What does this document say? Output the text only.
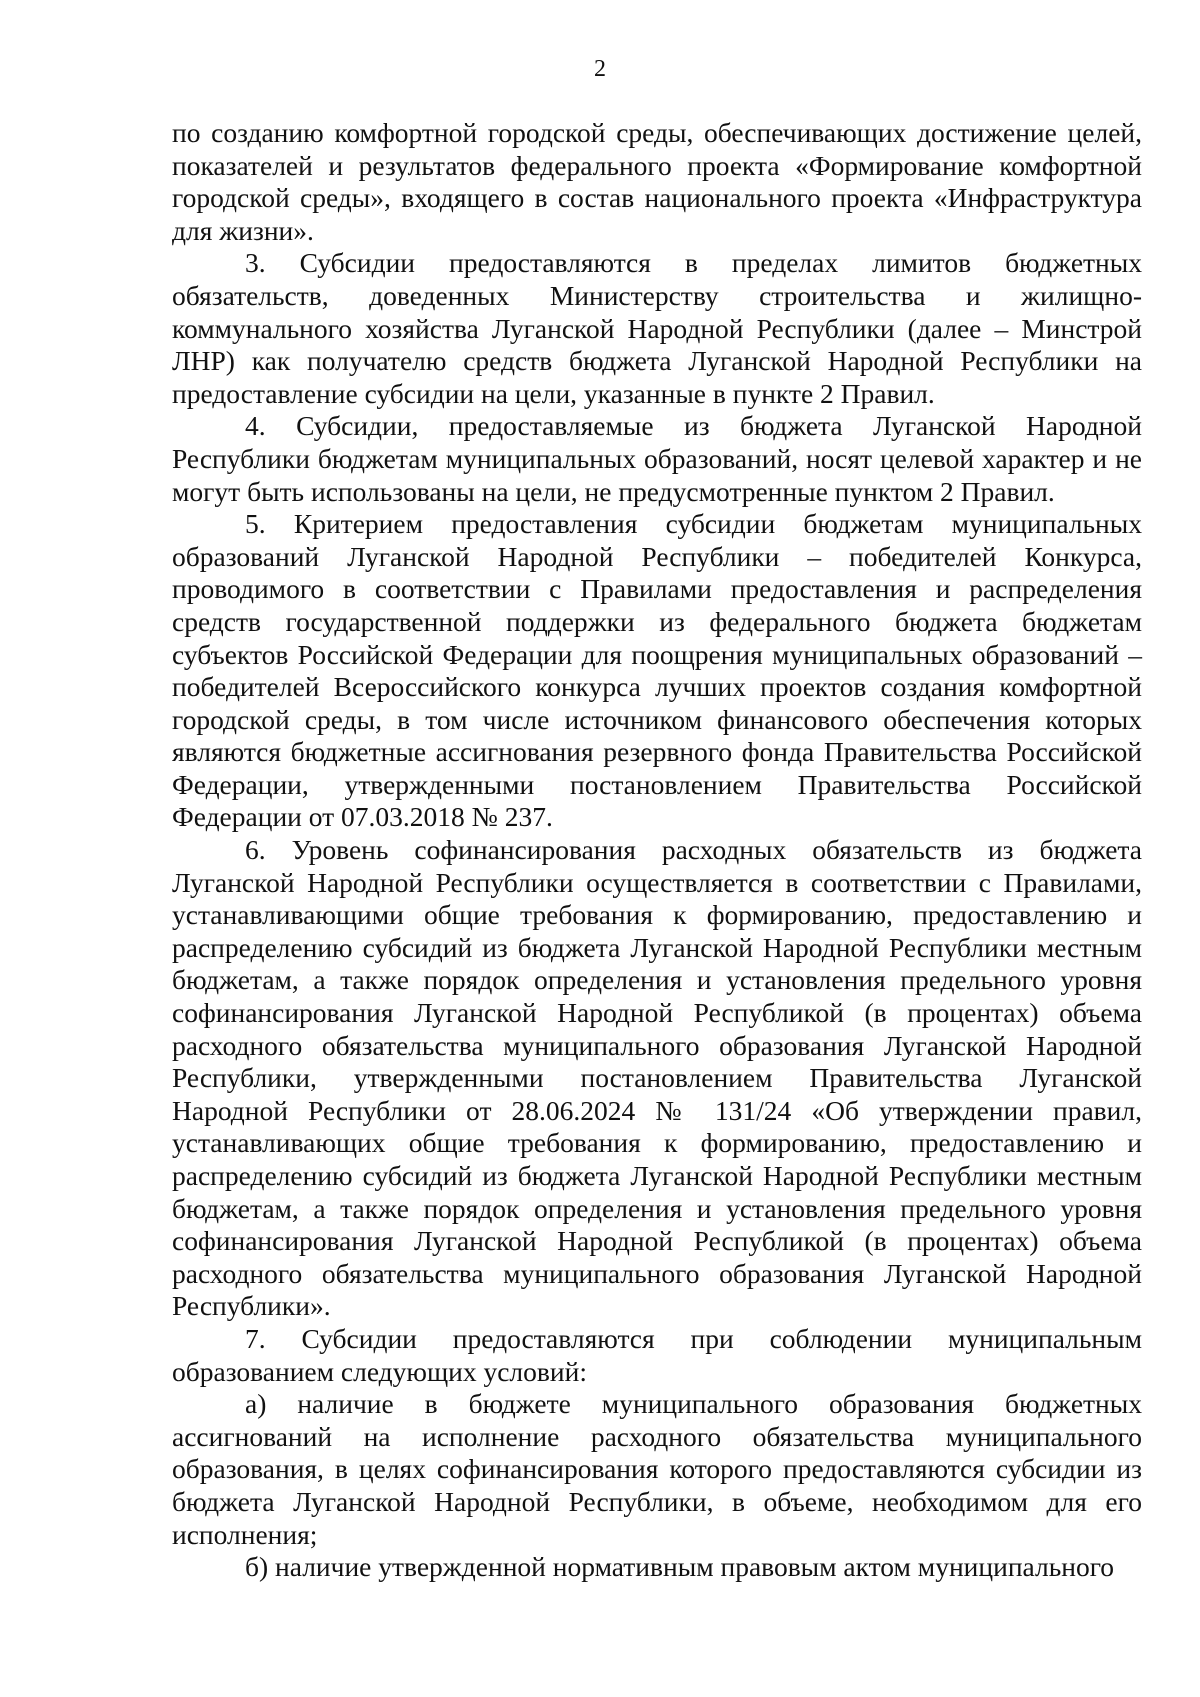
2

по созданию комфортной городской среды, обеспечивающих достижение целей, показателей и результатов федерального проекта «Формирование комфортной городской среды», входящего в состав национального проекта «Инфраструктура для жизни».

3. Субсидии предоставляются в пределах лимитов бюджетных обязательств, доведенных Министерству строительства и жилищно-коммунального хозяйства Луганской Народной Республики (далее – Минстрой ЛНР) как получателю средств бюджета Луганской Народной Республики на предоставление субсидии на цели, указанные в пункте 2 Правил.

4. Субсидии, предоставляемые из бюджета Луганской Народной Республики бюджетам муниципальных образований, носят целевой характер и не могут быть использованы на цели, не предусмотренные пунктом 2 Правил.

5. Критерием предоставления субсидии бюджетам муниципальных образований Луганской Народной Республики – победителей Конкурса, проводимого в соответствии с Правилами предоставления и распределения средств государственной поддержки из федерального бюджета бюджетам субъектов Российской Федерации для поощрения муниципальных образований – победителей Всероссийского конкурса лучших проектов создания комфортной городской среды, в том числе источником финансового обеспечения которых являются бюджетные ассигнования резервного фонда Правительства Российской Федерации, утвержденными постановлением Правительства Российской Федерации от 07.03.2018 № 237.

6. Уровень софинансирования расходных обязательств из бюджета Луганской Народной Республики осуществляется в соответствии с Правилами, устанавливающими общие требования к формированию, предоставлению и распределению субсидий из бюджета Луганской Народной Республики местным бюджетам, а также порядок определения и установления предельного уровня софинансирования Луганской Народной Республикой (в процентах) объема расходного обязательства муниципального образования Луганской Народной Республики, утвержденными постановлением Правительства Луганской Народной Республики от 28.06.2024 № 131/24 «Об утверждении правил, устанавливающих общие требования к формированию, предоставлению и распределению субсидий из бюджета Луганской Народной Республики местным бюджетам, а также порядок определения и установления предельного уровня софинансирования Луганской Народной Республикой (в процентах) объема расходного обязательства муниципального образования Луганской Народной Республики».

7. Субсидии предоставляются при соблюдении муниципальным образованием следующих условий:

а) наличие в бюджете муниципального образования бюджетных ассигнований на исполнение расходного обязательства муниципального образования, в целях софинансирования которого предоставляются субсидии из бюджета Луганской Народной Республики, в объеме, необходимом для его исполнения;

б) наличие утвержденной нормативным правовым актом муниципального
